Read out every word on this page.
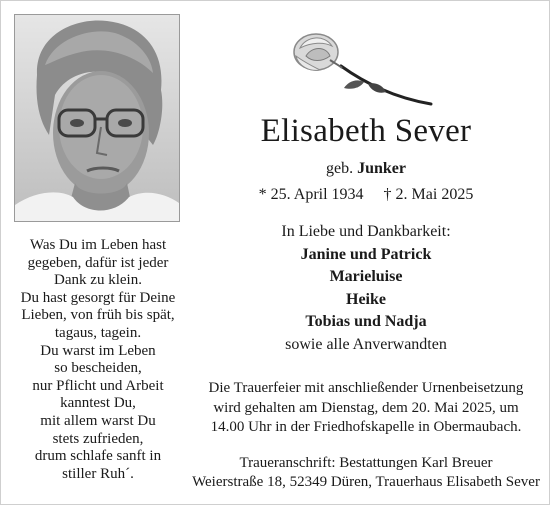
Elisabeth Sever
geb. Junker
* 25. April 1934 † 2. Mai 2025
In Liebe und Dankbarkeit:
Janine und Patrick
Marieluise
Heike
Tobias und Nadja
sowie alle Anverwandten
Was Du im Leben hast
gegeben, dafür ist jeder
Dank zu klein.
Du hast gesorgt für Deine
Lieben, von früh bis spät,
tagaus, tagein.
Du warst im Leben
so bescheiden,
nur Pflicht und Arbeit
kanntest Du,
mit allem warst Du
stets zufrieden,
drum schlafe sanft in
stiller Ruh´.
Die Trauerfeier mit anschließender Urnenbeisetzung
wird gehalten am Dienstag, dem 20. Mai 2025, um
14.00 Uhr in der Friedhofskapelle in Obermaubach.
Traueranschrift: Bestattungen Karl Breuer
Weierstraße 18, 52349 Düren, Trauerhaus Elisabeth Sever
